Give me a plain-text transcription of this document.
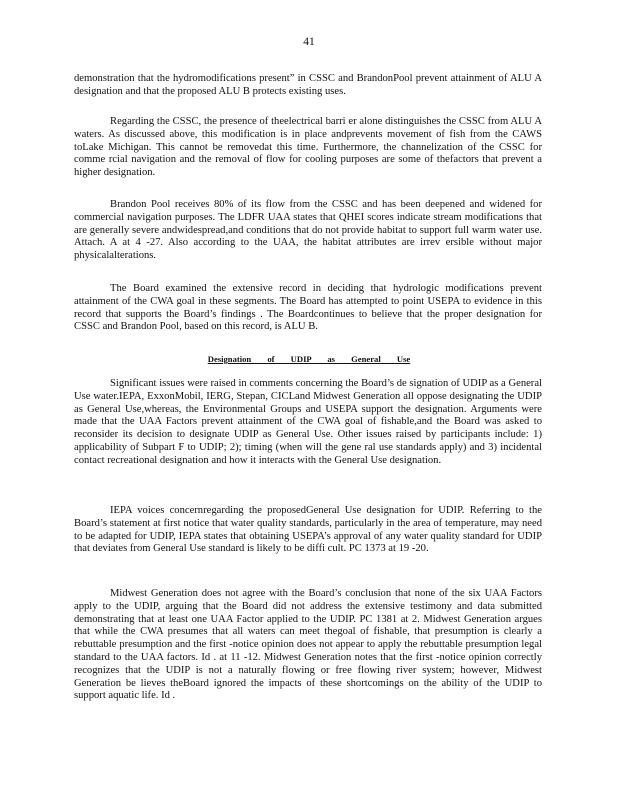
41

demonstration that the hydromodifications present” in CSSC and BrandonPool prevent attainment of ALU A designation and that the proposed ALU B protects existing uses.

Regarding the CSSC, the presence of theelectrical barri er alone distinguishes the CSSC from ALU A waters. As discussed above, this modification is in place andprevents movement of fish from the CAWS toLake Michigan. This cannot be removedat this time. Furthermore, the channelization of the CSSC for comme rcial navigation and the removal of flow for cooling purposes are some of thefactors that prevent a higher designation.

Brandon Pool receives 80% of its flow from the CSSC and has been deepened and widened for commercial navigation purposes. The LDFR UAA states that QHEI scores indicate stream modifications that are generally severe andwidespread,and conditions that do not provide habitat to support full warm water use. Attach. A at 4 -27. Also according to the UAA, the habitat attributes are irrev ersible without major physicalalterations.

The Board examined the extensive record in deciding that hydrologic modifications prevent attainment of the CWA goal in these segments. The Board has attempted to point USEPA to evidence in this record that supports the Board’s findings . The Boardcontinues to believe that the proper designation for CSSC and Brandon Pool, based on this record, is ALU B.

Designation of UDIP as General Use

Significant issues were raised in comments concerning the Board’s de signation of UDIP as a General Use water.IEPA, ExxonMobil, IERG, Stepan, CICLand Midwest Generation all oppose designating the UDIP as General Use,whereas, the Environmental Groups and USEPA support the designation. Arguments were made that the UAA Factors prevent attainment of the CWA goal of fishable,and the Board was asked to reconsider its decision to designate UDIP as General Use. Other issues raised by participants include: 1) applicability of Subpart F to UDIP; 2); timing (when will the gene ral use standards apply) and 3) incidental contact recreational designation and how it interacts with the General Use designation.

IEPA voices concernregarding the proposedGeneral Use designation for UDIP. Referring to the Board’s statement at first notice that water quality standards, particularly in the area of temperature, may need to be adapted for UDIP, IEPA states that obtaining USEPA’s approval of any water quality standard for UDIP that deviates from General Use standard is likely to be diffi cult. PC 1373 at 19 -20.

Midwest Generation does not agree with the Board’s conclusion that none of the six UAA Factors apply to the UDIP, arguing that the Board did not address the extensive testimony and data submitted demonstrating that at least one UAA Factor applied to the UDIP. PC 1381 at 2. Midwest Generation argues that while the CWA presumes that all waters can meet thegoal of fishable, that presumption is clearly a rebuttable presumption and the first -notice opinion does not appear to apply the rebuttable presumption legal standard to the UAA factors. Id . at 11 -12. Midwest Generation notes that the first -notice opinion correctly recognizes that the UDIP is not a naturally flowing or free flowing river system; however, Midwest Generation be lieves theBoard ignored the impacts of these shortcomings on the ability of the UDIP to support aquatic life. Id .
